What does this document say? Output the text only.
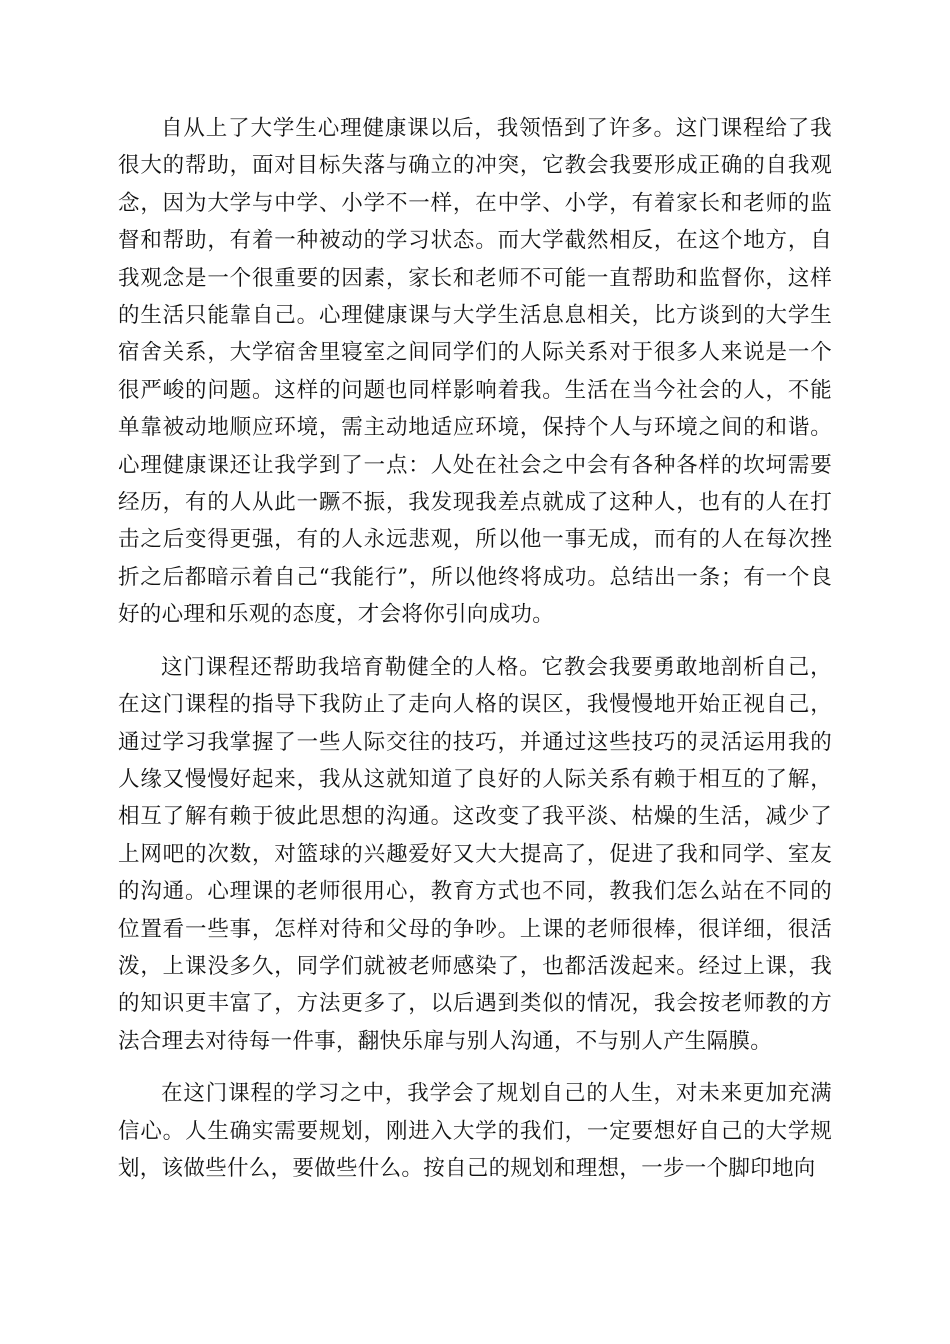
自从上了大学生心理健康课以后，我领悟到了许多。这门课程给了我很大的帮助，面对目标失落与确立的冲突，它教会我要形成正确的自我观念，因为大学与中学、小学不一样，在中学、小学，有着家长和老师的监督和帮助，有着一种被动的学习状态。而大学截然相反，在这个地方，自我观念是一个很重要的因素，家长和老师不可能一直帮助和监督你，这样的生活只能靠自己。心理健康课与大学生活息息相关，比方谈到的大学生宿舍关系，大学宿舍里寝室之间同学们的人际关系对于很多人来说是一个很严峻的问题。这样的问题也同样影响着我。生活在当今社会的人，不能单靠被动地顺应环境，需主动地适应环境，保持个人与环境之间的和谐。心理健康课还让我学到了一点：人处在社会之中会有各种各样的坎坷需要经历，有的人从此一蹶不振，我发现我差点就成了这种人，也有的人在打击之后变得更强，有的人永远悲观，所以他一事无成，而有的人在每次挫折之后都暗示着自己“我能行”，所以他终将成功。总结出一条；有一个良好的心理和乐观的态度，才会将你引向成功。

这门课程还帮助我培育勒健全的人格。它教会我要勇敢地剖析自己，在这门课程的指导下我防止了走向人格的误区，我慢慢地开始正视自己，通过学习我掌握了一些人际交往的技巧，并通过这些技巧的灵活运用我的人缘又慢慢好起来，我从这就知道了良好的人际关系有赖于相互的了解，相互了解有赖于彼此思想的沟通。这改变了我平淡、枯燥的生活，减少了上网吧的次数，对篮球的兴趣爱好又大大提高了，促进了我和同学、室友的沟通。心理课的老师很用心，教育方式也不同，教我们怎么站在不同的位置看一些事，怎样对待和父母的争吵。上课的老师很棒，很详细，很活泼，上课没多久，同学们就被老师感染了，也都活泼起来。经过上课，我的知识更丰富了，方法更多了，以后遇到类似的情况，我会按老师教的方法合理去对待每一件事，翻快乐扉与别人沟通，不与别人产生隔膜。

在这门课程的学习之中，我学会了规划自己的人生，对未来更加充满信心。人生确实需要规划，刚进入大学的我们，一定要想好自己的大学规划，该做些什么，要做些什么。按自己的规划和理想，一步一个脚印地向
